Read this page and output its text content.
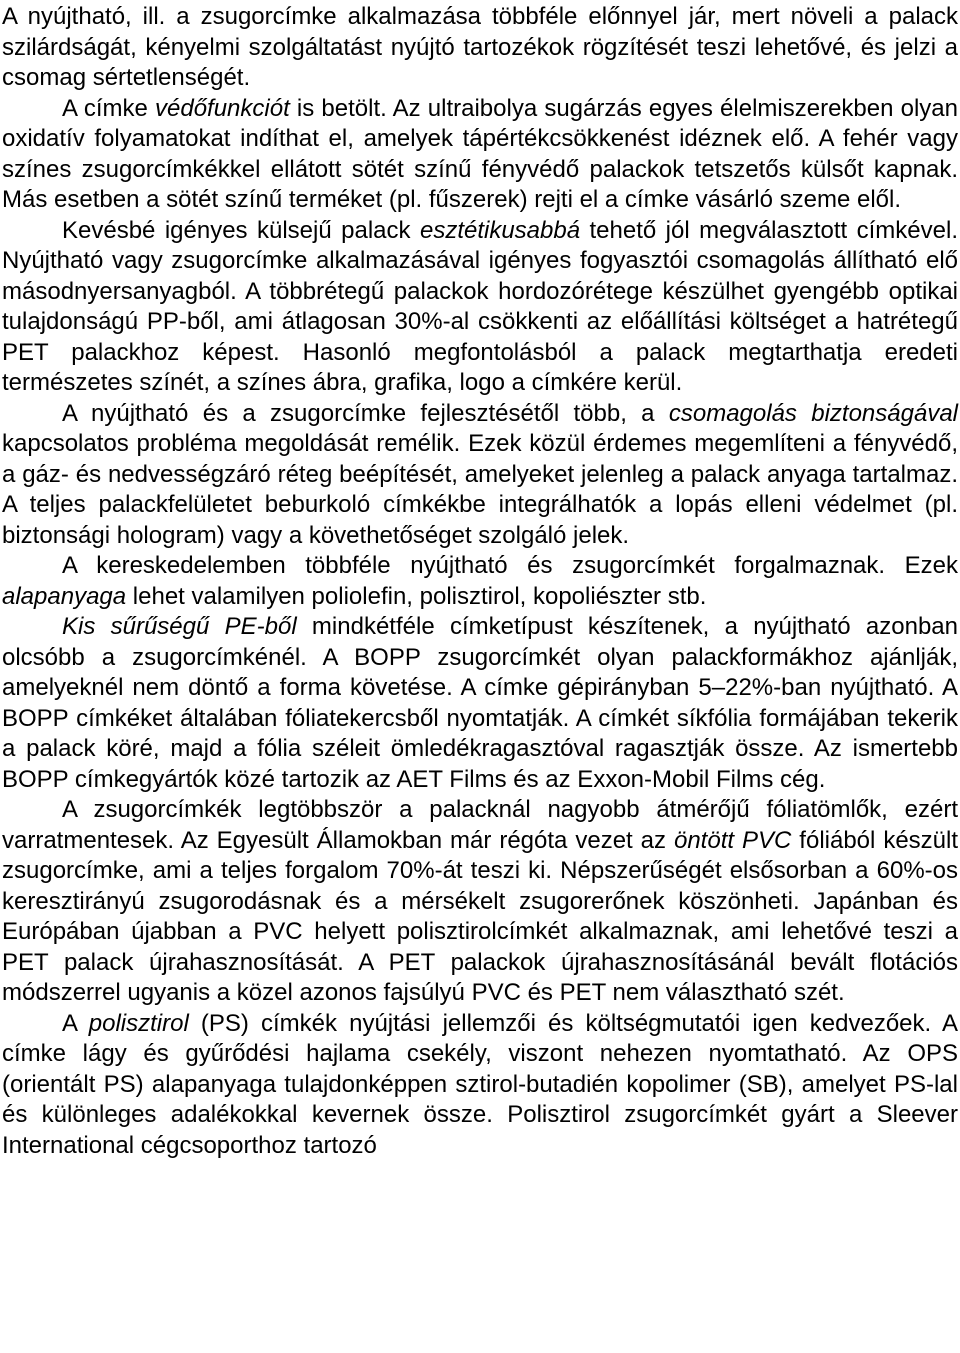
A nyújtható, ill. a zsugorcímke alkalmazása többféle előnnyel jár, mert növeli a palack szilárdságát, kényelmi szolgáltatást nyújtó tartozékok rögzítését teszi lehetővé, és jelzi a csomag sértetlenségét.

A címke védőfunkciót is betölt. Az ultraibolya sugárzás egyes élelmiszerekben olyan oxidatív folyamatokat indíthat el, amelyek tápértékcsökkenést idéznek elő. A fehér vagy színes zsugorcímkékkel ellátott sötét színű fényvédő palackok tetszetős külsőt kapnak. Más esetben a sötét színű terméket (pl. fűszerek) rejti el a címke vásárló szeme elől.

Kevésbé igényes külsejű palack esztétikusabbá tehető jól megválasztott címkével. Nyújtható vagy zsugorcímke alkalmazásával igényes fogyasztói csomagolás állítható elő másodnyersanyagból. A többrétegű palackok hordozórétege készülhet gyengébb optikai tulajdonságú PP-ből, ami átlagosan 30%-al csökkenti az előállítási költséget a hatrétegű PET palackhoz képest. Hasonló megfontolásból a palack megtarthatja eredeti természetes színét, a színes ábra, grafika, logo a címkére kerül.

A nyújtható és a zsugorcímke fejlesztésétől több, a csomagolás biztonságával kapcsolatos probléma megoldását remélik. Ezek közül érdemes megemlíteni a fényvédő, a gáz- és nedvességzáró réteg beépítését, amelyeket jelenleg a palack anyaga tartalmaz. A teljes palackfelületet beburkoló címkékbe integrálhatók a lopás elleni védelmet (pl. biztonsági hologram) vagy a követhetőséget szolgáló jelek.

A kereskedelemben többféle nyújtható és zsugorcímkét forgalmaznak. Ezek alapanyaga lehet valamilyen poliolefin, polisztirol, kopoliészter stb.

Kis sűrűségű PE-ből mindkétféle címketípust készítenek, a nyújtható azonban olcsóbb a zsugorcímkénél. A BOPP zsugorcímkét olyan palackformákhoz ajánlják, amelyeknél nem döntő a forma követése. A címke gépirányban 5–22%-ban nyújtható. A BOPP címkéket általában fóliatekercsből nyomtatják. A címkét síkfólia formájában tekerik a palack köré, majd a fólia széleit ömledékragasztóval ragasztják össze. Az ismertebb BOPP címkegyártók közé tartozik az AET Films és az Exxon-Mobil Films cég.

A zsugorcímkék legtöbbször a palacknál nagyobb átmérőjű fóliatömlők, ezért varratmentesek. Az Egyesült Államokban már régóta vezet az öntött PVC fóliából készült zsugorcímke, ami a teljes forgalom 70%-át teszi ki. Népszerűségét elsősorban a 60%-os keresztirányú zsugorodásnak és a mérsékelt zsugorerőnek köszönheti. Japánban és Európában újabban a PVC helyett polisztirolcímkét alkalmaznak, ami lehetővé teszi a PET palack újrahasznosítását. A PET palackok újrahasznosításánál bevált flotációs módszerrel ugyanis a közel azonos fajsúlyú PVC és PET nem választható szét.

A polisztirol (PS) címkék nyújtási jellemzői és költségmutatói igen kedvezőek. A címke lágy és gyűrődési hajlama csekély, viszont nehezen nyomtatható. Az OPS (orientált PS) alapanyaga tulajdonképpen sztirol-butadién kopolimer (SB), amelyet PS-lal és különleges adalékokkal kevernek össze. Polisztirol zsugorcímkét gyárt a Sleever International cégcsoporthoz tartozó
